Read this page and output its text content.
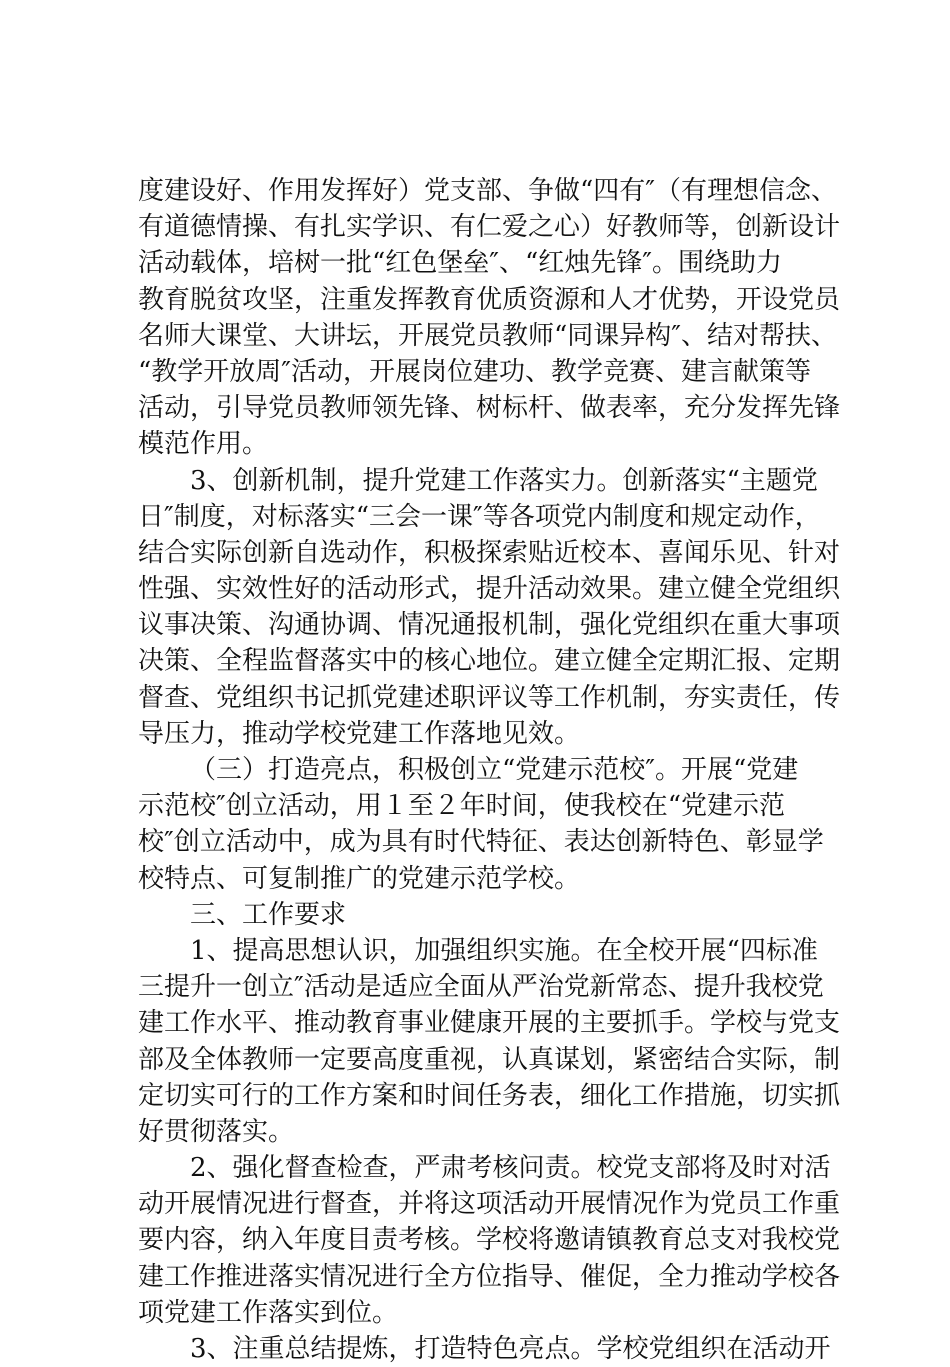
度建设好、作用发挥好）党支部、争做“四有″（有理想信念、
有道德情操、有扎实学识、有仁爱之心）好教师等，创新设计
活动载体，培树一批“红色堡垒″、“红烛先锋″。围绕助力
教育脱贫攻坚，注重发挥教育优质资源和人才优势，开设党员
名师大课堂、大讲坛，开展党员教师“同课异构″、结对帮扶、
“教学开放周″活动，开展岗位建功、教学竞赛、建言献策等
活动，引导党员教师领先锋、树标杆、做表率，充分发挥先锋
模范作用。
3、创新机制，提升党建工作落实力。创新落实“主题党
日″制度，对标落实“三会一课″等各项党内制度和规定动作，
结合实际创新自选动作，积极探索贴近校本、喜闻乐见、针对
性强、实效性好的活动形式，提升活动效果。建立健全党组织
议事决策、沟通协调、情况通报机制，强化党组织在重大事项
决策、全程监督落实中的核心地位。建立健全定期汇报、定期
督查、党组织书记抓党建述职评议等工作机制，夯实责任，传
导压力，推动学校党建工作落地见效。
（三）打造亮点，积极创立“党建示范校″。开展“党建
示范校″创立活动，用１至２年时间，使我校在“党建示范
校″创立活动中，成为具有时代特征、表达创新特色、彰显学
校特点、可复制推广的党建示范学校。
三、工作要求
1、提高思想认识，加强组织实施。在全校开展“四标准
三提升一创立″活动是适应全面从严治党新常态、提升我校党
建工作水平、推动教育事业健康开展的主要抓手。学校与党支
部及全体教师一定要高度重视，认真谋划，紧密结合实际，制
定切实可行的工作方案和时间任务表，细化工作措施，切实抓
好贯彻落实。
2、强化督查检查，严肃考核问责。校党支部将及时对活
动开展情况进行督查，并将这项活动开展情况作为党员工作重
要内容，纳入年度目责考核。学校将邀请镇教育总支对我校党
建工作推进落实情况进行全方位指导、催促，全力推动学校各
项党建工作落实到位。
3、注重总结提炼，打造特色亮点。学校党组织在活动开
